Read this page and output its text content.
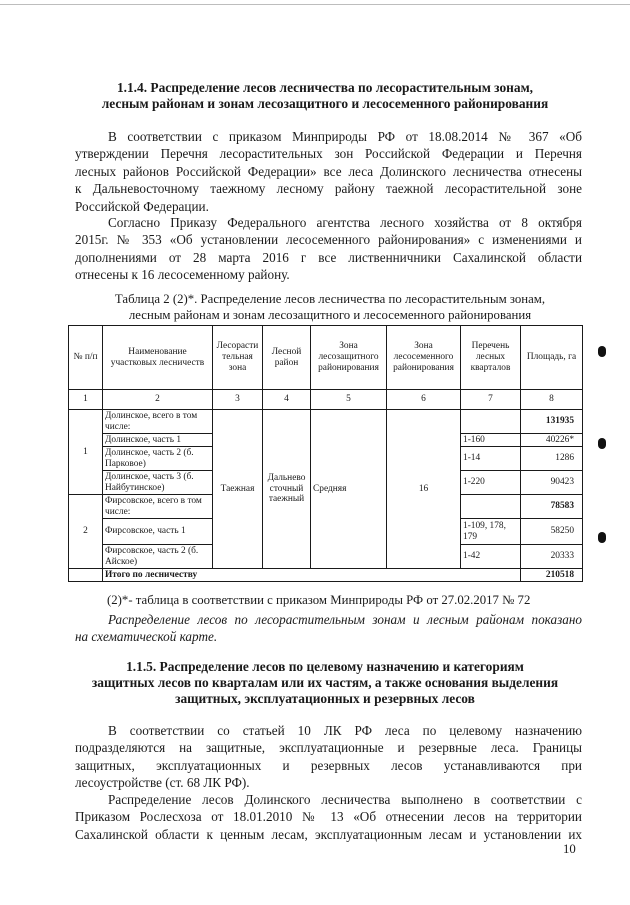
1.1.4. Распределение лесов лесничества по лесорастительным зонам,
лесным районам и зонам лесозащитного и лесосеменного районирования
В соответствии с приказом Минприроды РФ от 18.08.2014 № 367 «Об
утверждении Перечня лесорастительных зон Российской Федерации и Перечня
лесных районов Российской Федерации» все леса Долинского лесничества отнесены
к Дальневосточному таежному лесному району таежной лесорастительной зоне
Российской Федерации.
Согласно Приказу Федерального агентства лесного хозяйства от 8 октября
2015г. № 353 «Об установлении лесосеменного районирования» с изменениями и
дополнениями от 28 марта 2016 г все лиственничники Сахалинской области
отнесены к 16 лесосеменному району.
Таблица 2 (2)*. Распределение лесов лесничества по лесорастительным зонам,
лесным районам и зонам лесозащитного и лесосеменного районирования
№ п/п	Наименование участковых лесничеств	Лесорасти тельная зона	Лесной район	Зона лесозащитного районирования	Зона лесосеменного районирования	Перечень лесных кварталов	Площадь, га
1	2	3	4	5	6	7	8
1	Долинское, всего в том числе:	Таежная	Дальнево сточный таежный	Средняя	16		131935
	Долинское, часть 1					1-160	40226*
	Долинское, часть 2 (б. Парковое)					1-14	1286
	Долинское, часть 3 (б. Найбутинское)					1-220	90423
2	Фирсовское, всего в том числе:						78583
	Фирсовское, часть 1					1-109, 178, 179	58250
	Фирсовское, часть 2 (б. Айское)					1-42	20333
	Итого по лесничеству						210518
(2)*- таблица в соответствии с приказом Минприроды РФ от 27.02.2017 № 72
Распределение лесов по лесорастительным зонам и лесным районам показано
на схематической карте.
1.1.5. Распределение лесов по целевому назначению и категориям
защитных лесов по кварталам или их частям, а также основания выделения
защитных, эксплуатационных и резервных лесов
В соответствии со статьей 10 ЛК РФ леса по целевому назначению
подразделяются на защитные, эксплуатационные и резервные леса. Границы
защитных, эксплуатационных и резервных лесов устанавливаются при
лесоустройстве (ст. 68 ЛК РФ).
Распределение лесов Долинского лесничества выполнено в соответствии с
Приказом Рослесхоза от 18.01.2010 № 13 «Об отнесении лесов на территории
Сахалинской области к ценным лесам, эксплуатационным лесам и установлении их
10
